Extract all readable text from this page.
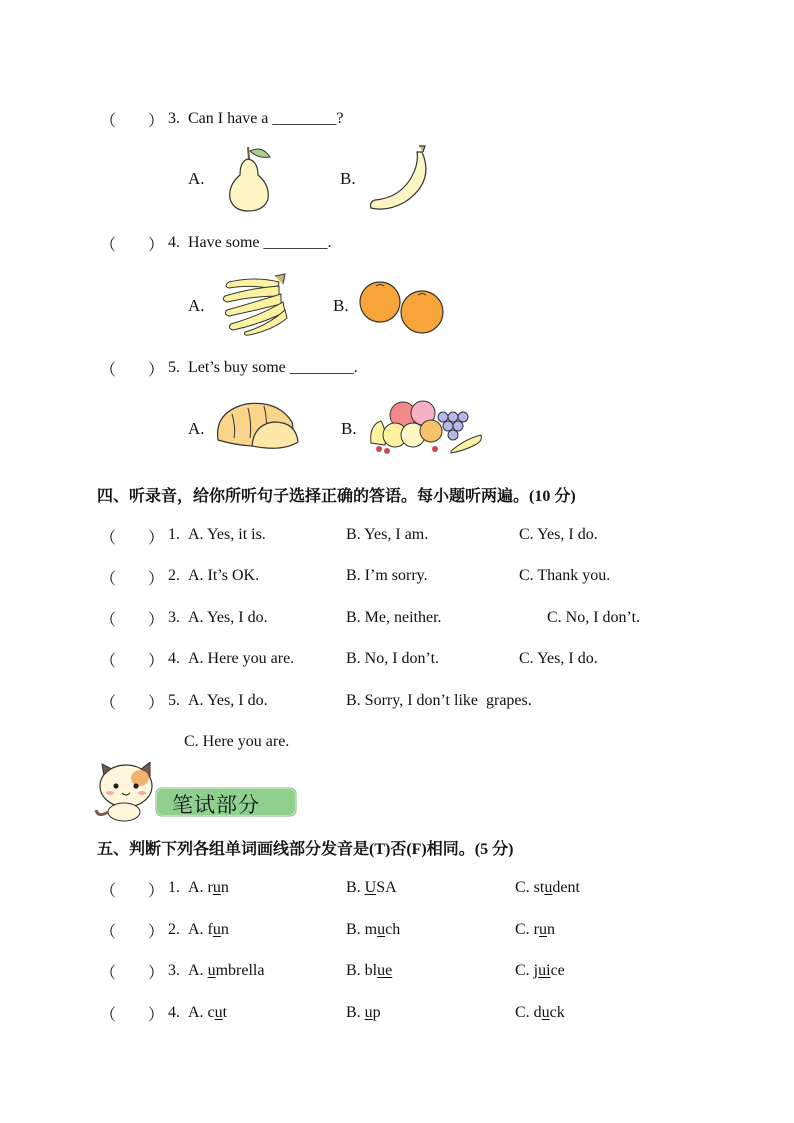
（ ） 3. Can I have a ________?
A.	B.
（ ） 4. Have some ________.
A.	B.
（ ） 5. Let’s buy some ________.
A.	B.
四、听录音，给你所听句子选择正确的答语。每小题听两遍。(10 分)
（ ） 1. A. Yes, it is.	B. Yes, I am.	C. Yes, I do.
（ ） 2. A. It’s OK.	B. I’m sorry.	C. Thank you.
（ ） 3. A. Yes, I do.	B. Me, neither.	C. No, I don’t.
（ ） 4. A. Here you are.	B. No, I don’t.	C. Yes, I do.
（ ） 5. A. Yes, I do.	B. Sorry, I don’t like  grapes.
C. Here you are.
笔试部分
五、判断下列各组单词画线部分发音是(T)否(F)相同。(5 分)
（ ） 1. A. run	B. USA	C. student
（ ） 2. A. fun	B. much	C. run
（ ） 3. A. umbrella	B. blue	C. juice
（ ） 4. A. cut	B. up	C. duck
